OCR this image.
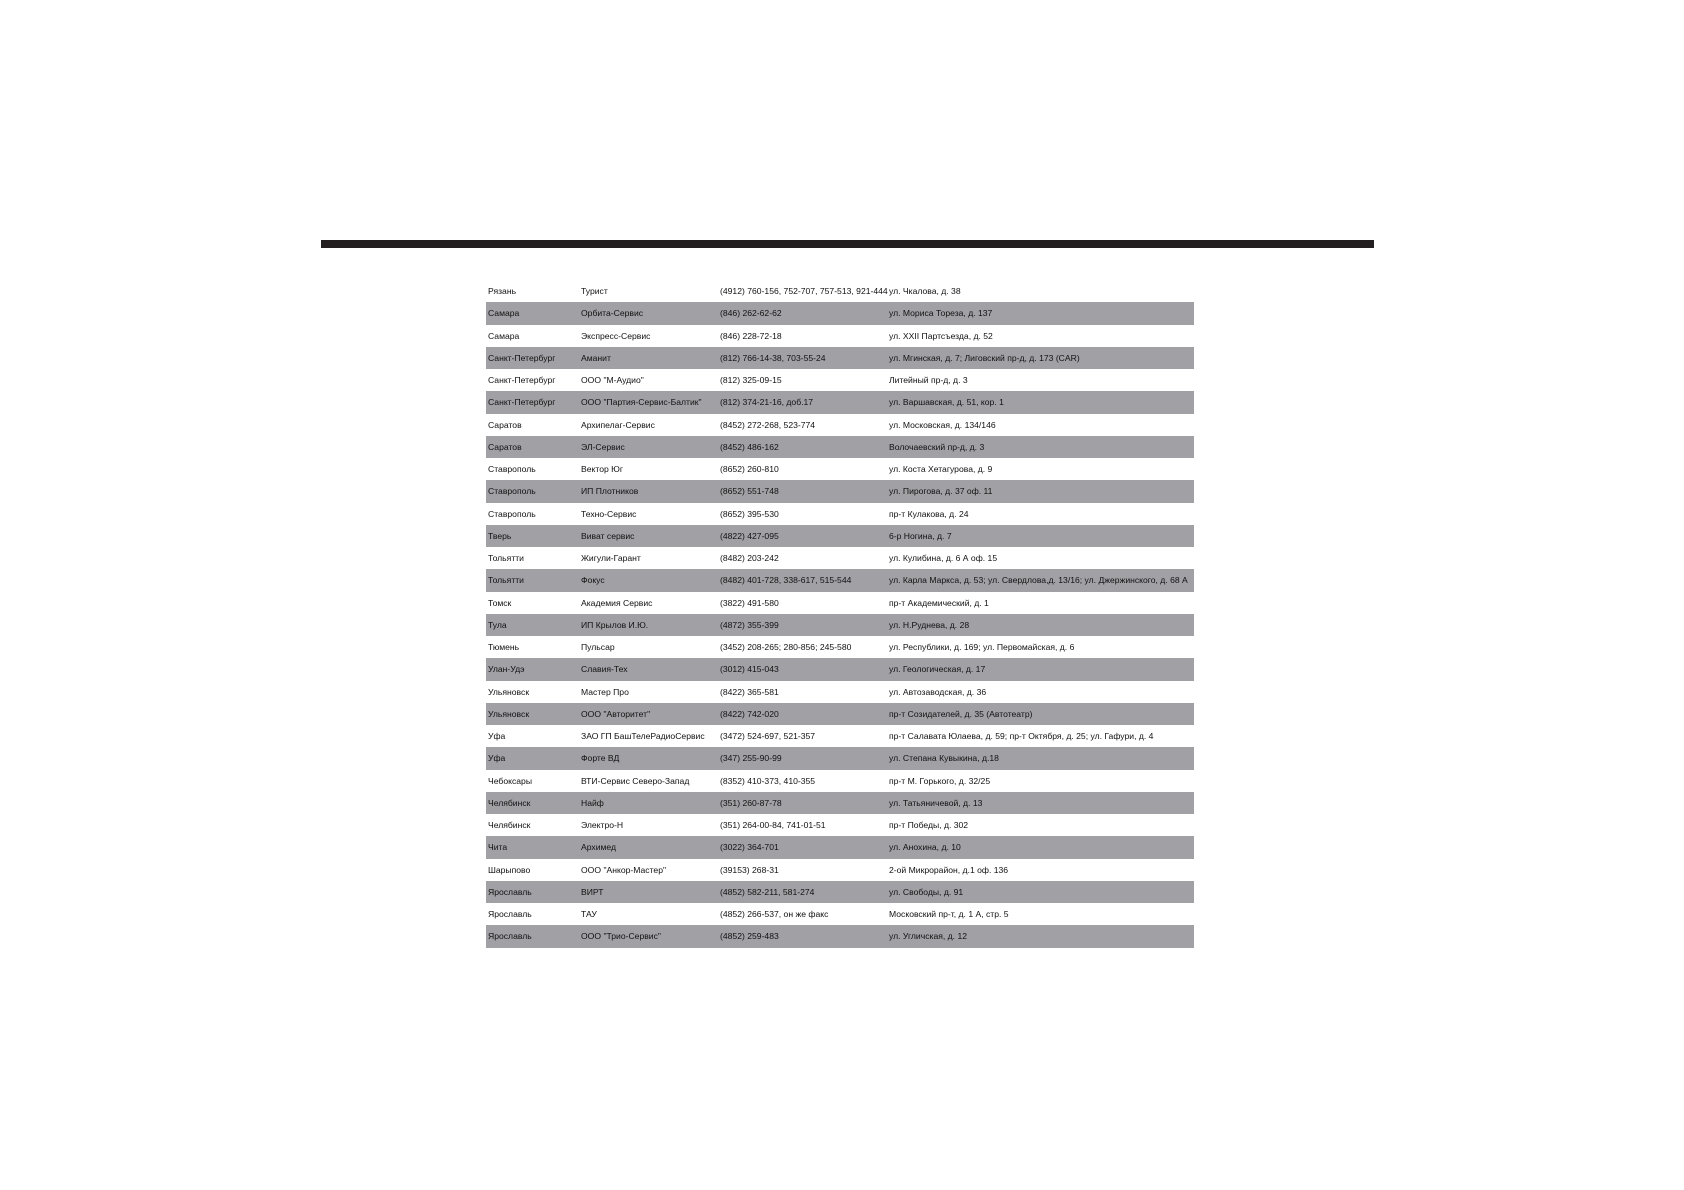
Рязань	Турист	(4912) 760-156, 752-707, 757-513, 921-444 ул. Чкалова, д. 38
Самара	Орбита-Сервис	(846) 262-62-62	ул. Мориса Тореза, д. 137
Самара	Экспресс-Сервис	(846) 228-72-18	ул. XXII Партсъезда, д. 52
Санкт-Петербург	Аманит	(812) 766-14-38, 703-55-24	ул. Мгинская, д. 7; Лиговский пр-д, д. 173 (CAR)
Санкт-Петербург	ООО "М-Аудио"	(812) 325-09-15	Литейный пр-д, д. 3
Санкт-Петербург	ООО "Партия-Сервис-Балтик" (812) 374-21-16, доб.17	ул. Варшавская, д. 51, кор. 1
Саратов	Архипелаг-Сервис	(8452) 272-268, 523-774	ул. Московская, д. 134/146
Саратов	ЭЛ-Сервис	(8452) 486-162	Волочаевский пр-д, д. 3
Ставрополь	Вектор Юг	(8652) 260-810	ул. Коста Хетагурова, д. 9
Ставрополь	ИП Плотников	(8652) 551-748	ул. Пирогова, д. 37 оф. 11
Ставрополь	Техно-Сервис	(8652) 395-530	пр-т Кулакова, д. 24
Тверь	Виват сервис	(4822) 427-095	6-р Ногина, д. 7
Тольятти	Жигули-Гарант	(8482) 203-242	ул. Кулибина, д. 6 А оф. 15
Тольятти	Фокус	(8482) 401-728, 338-617, 515-544	ул. Карла Маркса, д. 53; ул. Свердлова,д. 13/16; ул. Джержинского, д. 68 А
Томск	Академия Сервис	(3822) 491-580	пр-т Академический, д. 1
Тула	ИП Крылов И.Ю.	(4872) 355-399	ул. Н.Руднева, д. 28
Тюмень	Пульсар	(3452) 208-265; 280-856; 245-580	ул. Республики, д. 169; ул. Первомайская, д. 6
Улан-Удэ	Славия-Тех	(3012) 415-043	ул. Геологическая, д. 17
Ульяновск	Мастер Про	(8422) 365-581	ул. Автозаводская, д. 36
Ульяновск	ООО "Авторитет"	(8422) 742-020	пр-т Созидателей, д. 35 (Автотеатр)
Уфа	ЗАО ГП БашТелеРадиоСервис (3472) 524-697, 521-357	пр-т Салавата Юлаева, д. 59; пр-т Октября, д. 25; ул. Гафури, д. 4
Уфа	Форте ВД	(347) 255-90-99	ул. Степана Кувыкина, д.18
Чебоксары	ВТИ-Сервис Северо-Запад	(8352) 410-373, 410-355	пр-т М. Горького, д. 32/25
Челябинск	Найф	(351) 260-87-78	ул. Татьяничевой, д. 13
Челябинск	Электро-Н	(351) 264-00-84, 741-01-51	пр-т Победы, д. 302
Чита	Архимед	(3022) 364-701	ул. Анохина, д. 10
Шарыпово	ООО "Анкор-Мастер"	(39153) 268-31	2-ой Микрорайон, д.1 оф. 136
Ярославль	ВИРТ	(4852) 582-211, 581-274	ул. Свободы, д. 91
Ярославль	ТАУ	(4852) 266-537, он же факс	Московский пр-т, д. 1 А, стр. 5
Ярославль	ООО "Трио-Сервис"	(4852) 259-483	ул. Угличская, д. 12
